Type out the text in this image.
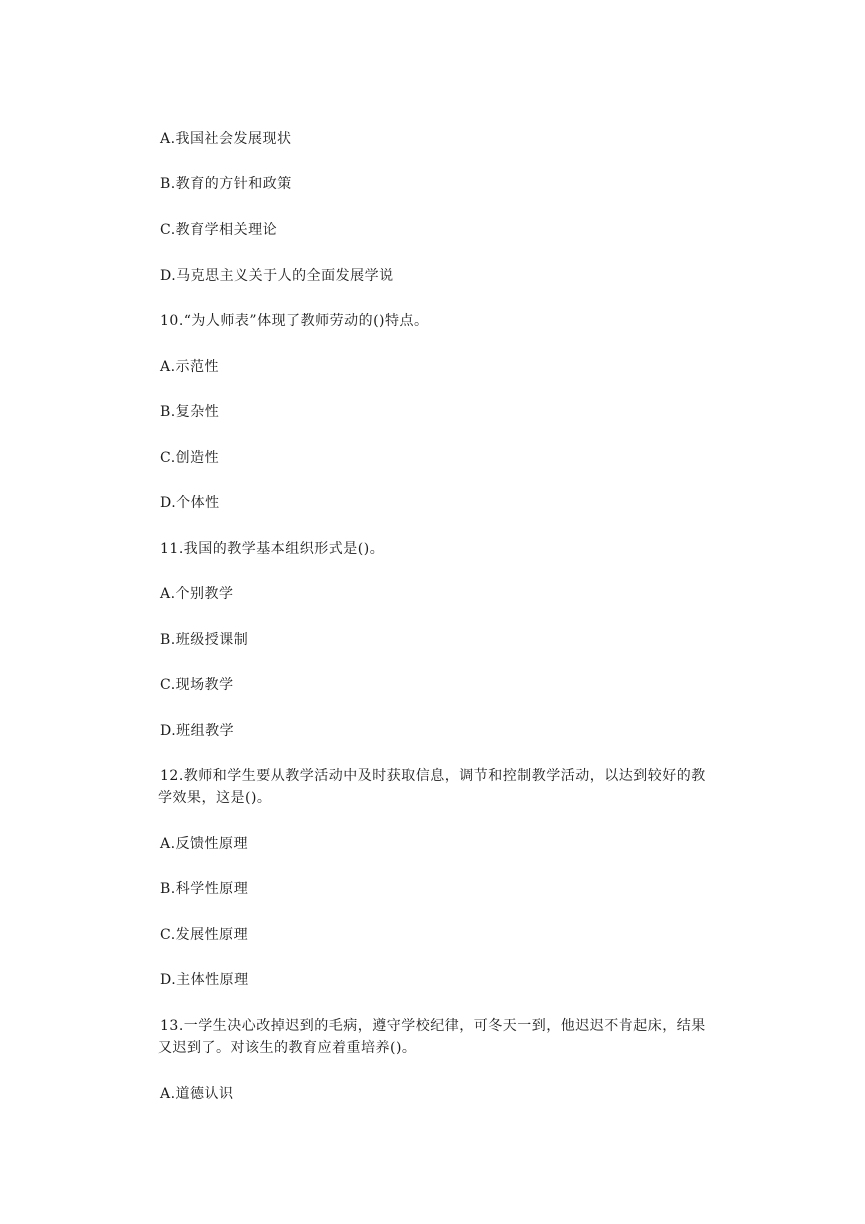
A.我国社会发展现状
B.教育的方针和政策
C.教育学相关理论
D.马克思主义关于人的全面发展学说
10.“为人师表”体现了教师劳动的()特点。
A.示范性
B.复杂性
C.创造性
D.个体性
11.我国的教学基本组织形式是()。
A.个别教学
B.班级授课制
C.现场教学
D.班组教学
12.教师和学生要从教学活动中及时获取信息，调节和控制教学活动，以达到较好的教
学效果，这是()。
A.反馈性原理
B.科学性原理
C.发展性原理
D.主体性原理
13.一学生决心改掉迟到的毛病，遵守学校纪律，可冬天一到，他迟迟不肯起床，结果
又迟到了。对该生的教育应着重培养()。
A.道德认识
